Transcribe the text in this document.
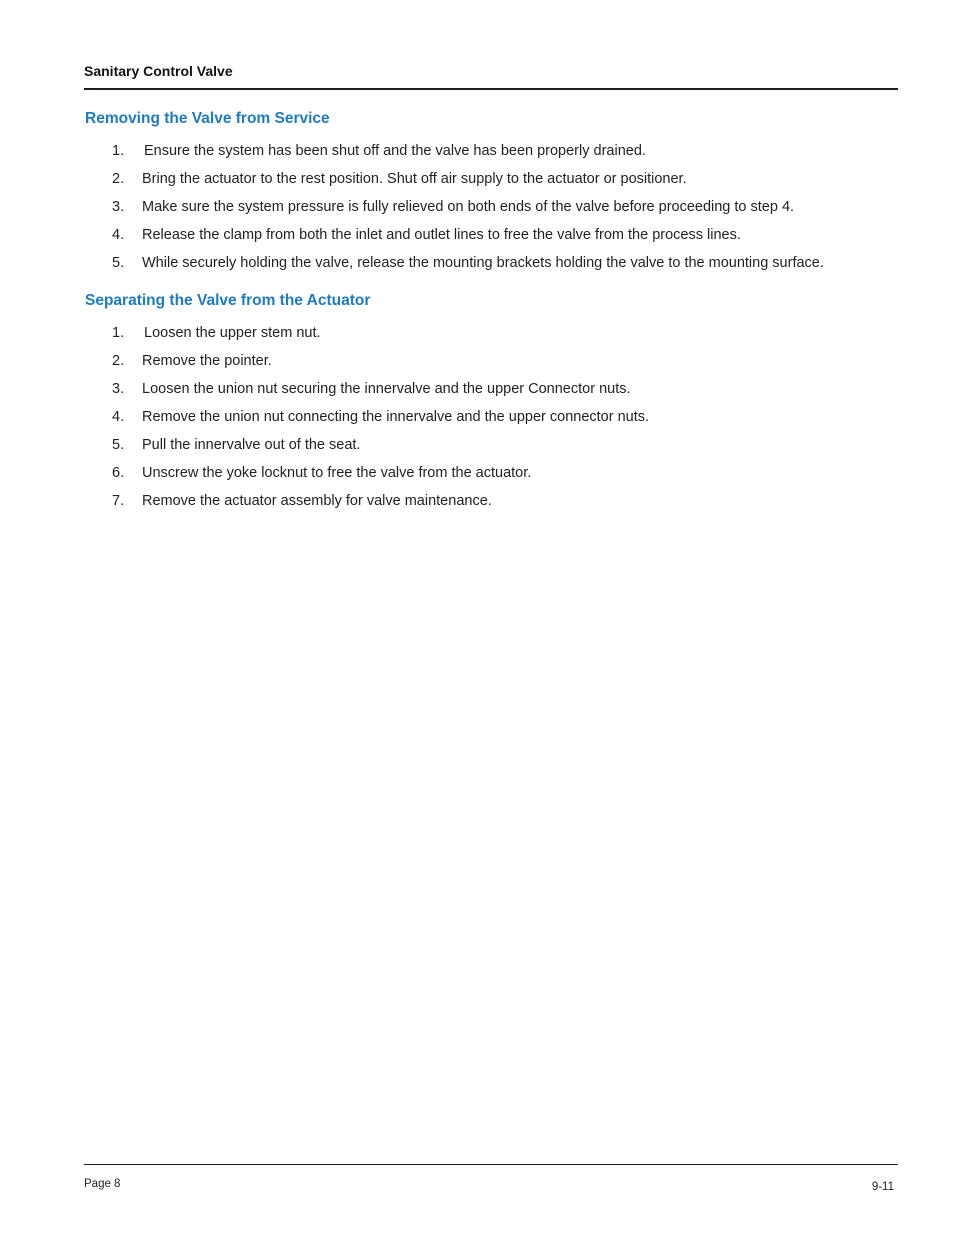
Sanitary Control Valve
Removing the Valve from Service
1. Ensure the system has been shut off and the valve has been properly drained.
2. Bring the actuator to the rest position. Shut off air supply to the actuator or positioner.
3. Make sure the system pressure is fully relieved on both ends of the valve before proceeding to step 4.
4. Release the clamp from both the inlet and outlet lines to free the valve from the process lines.
5. While securely holding the valve, release the mounting brackets holding the valve to the mounting surface.
Separating the Valve from the Actuator
1. Loosen the upper stem nut.
2. Remove the pointer.
3. Loosen the union nut securing the innervalve and the upper Connector nuts.
4. Remove the union nut connecting the innervalve and the upper connector nuts.
5. Pull the innervalve out of the seat.
6. Unscrew the yoke locknut to free the valve from the actuator.
7. Remove the actuator assembly for valve maintenance.
Page 8	9-11
